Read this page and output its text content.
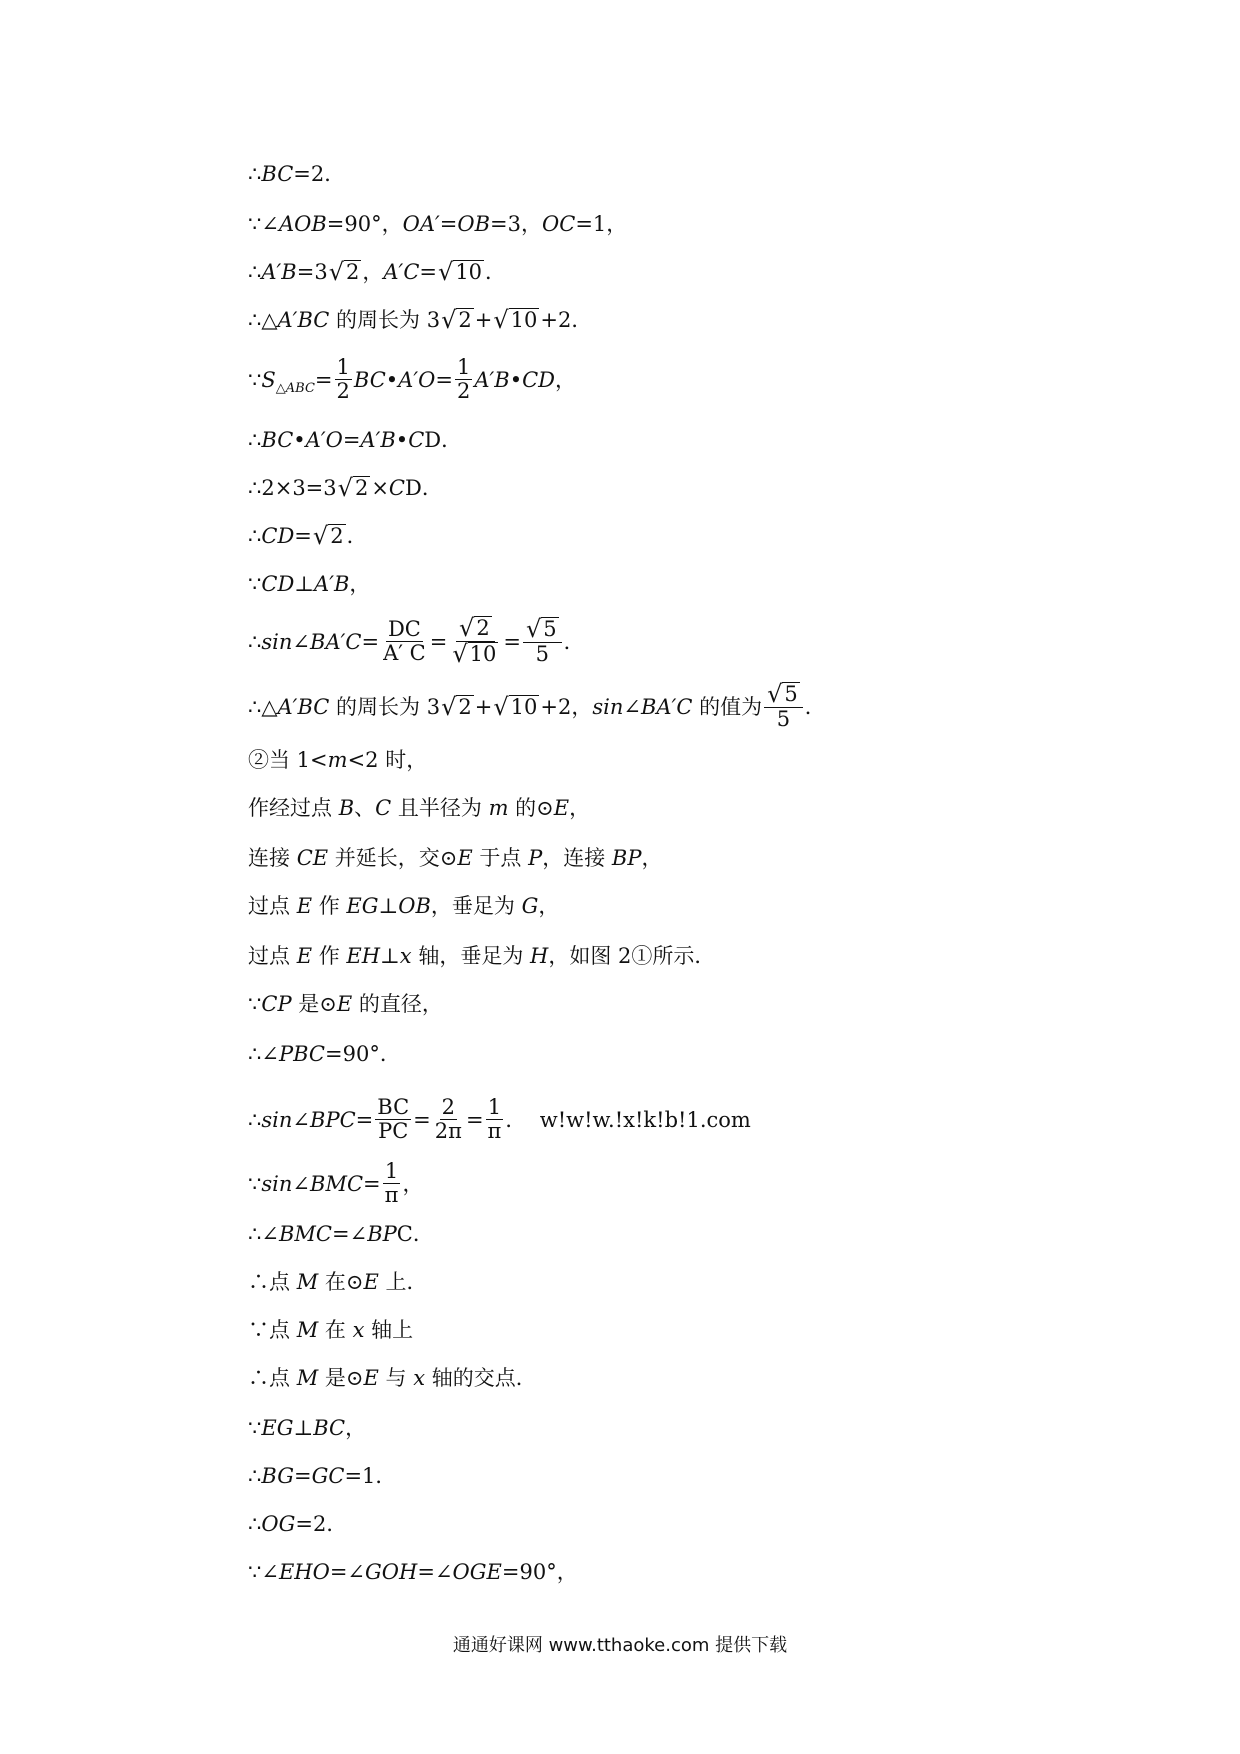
∴ BC =2．
∵∠ AOB =90°， OA′ = OB =3， OC =1，
∴ A′B =3 √ 2 ， A′C = √ 10 ．
∴△ A′BC 的周长为 3 √ 2 + √ 10 +2．
∵ S △ABC = $\frac{1}{2}$ BC • $A'O = \frac{1}{2} A'B$ • CD ，
∴ BC • A′O = A′B • C D．
∴2×3=3 √ 2 × C D．
∴ CD = √ 2 ．
∵ CD ⊥ A′B ，
∴ sin ∠ $BA'C = \frac{DC}{A' C} = \frac{√ 2}{√ 10} = \frac{√ 5}{5}$ ．
∴△ A′BC 的周长为 3 √ 2 + √ 10 +2， sin ∠ BA′C 的值为 $\frac{√ 5}{5}$ ．
②当 1< m <2 时，
作经过点 B 、 C 且半径为 m 的⊙ E ，
连接 CE 并延长，交⊙ E 于点 P ，连接 BP ，
过点 E 作 EG ⊥ OB ，垂足为 G ，
过点 E 作 EH ⊥ x 轴，垂足为 H ，如图 2①所示．
∵ CP 是⊙ E 的直径，
∴∠ PBC =90°．
∴ sin ∠ BPC = $\frac{BC}{PC} = \frac{2}{2\pi} = \frac{1}{\pi}$ ． w!w!w.!x!k!b!1.com
∵ sin ∠ BMC = $\frac{1}{\pi}$ ，
∴∠ BMC =∠ BP C．
∴点 M 在⊙ E 上．
∵点 M 在 x 轴上
∴点 M 是⊙ E 与 x 轴的交点．
∵ EG ⊥ BC ，
∴ BG = GC =1．
∴ OG =2．
∵∠ EHO =∠ GOH =∠ OGE =90°，
通通好课网 www.tthaoke.com 提供下载
